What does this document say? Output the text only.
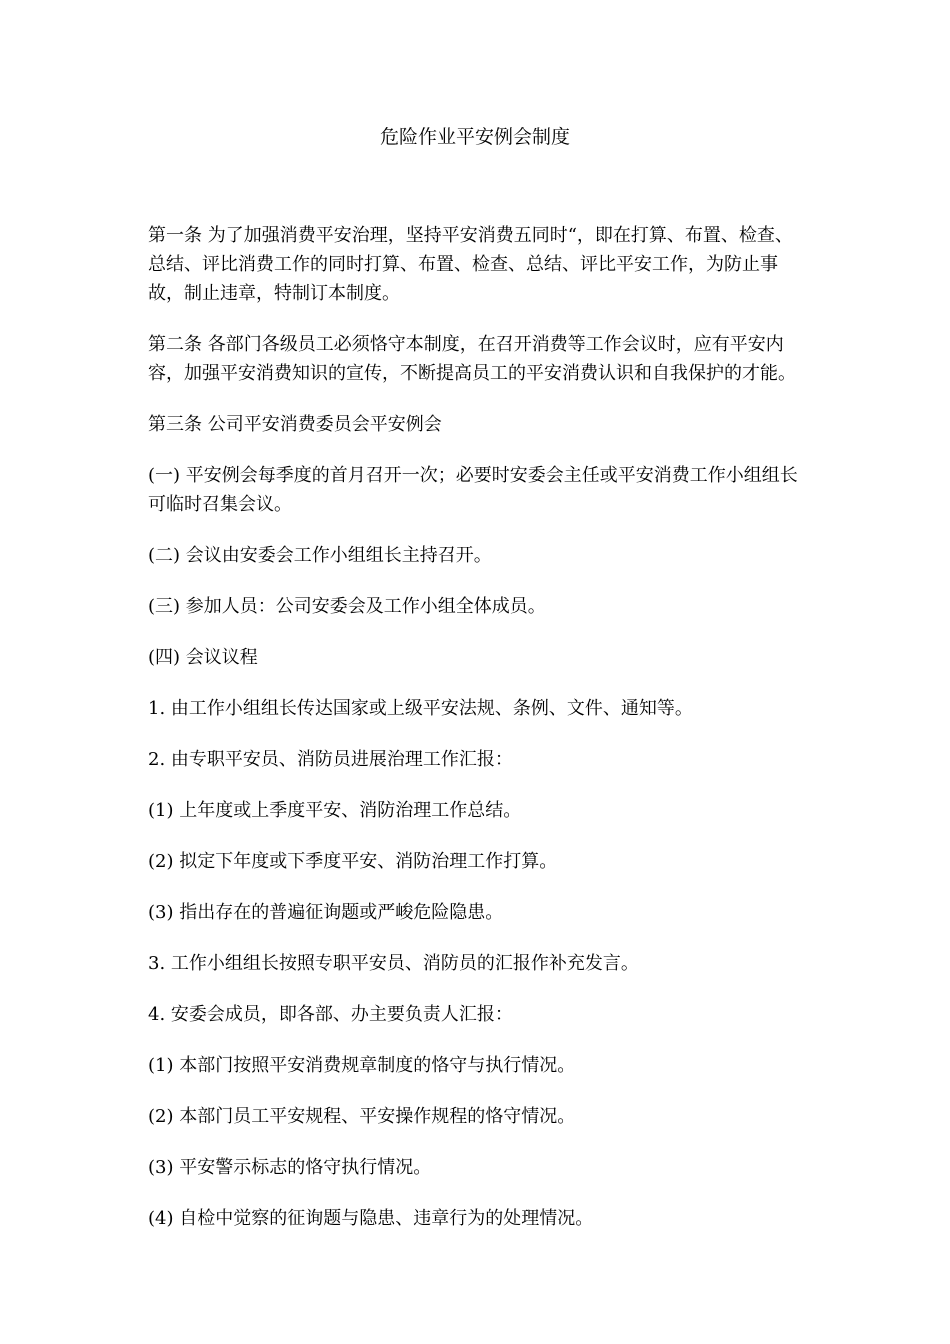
危险作业平安例会制度

第一条 为了加强消费平安治理，坚持平安消费五同时“，即在打算、布置、检查、总结、评比消费工作的同时打算、布置、检查、总结、评比平安工作，为防止事故，制止违章，特制订本制度。

第二条 各部门各级员工必须恪守本制度，在召开消费等工作会议时，应有平安内容，加强平安消费知识的宣传，不断提高员工的平安消费认识和自我保护的才能。

第三条 公司平安消费委员会平安例会

(一) 平安例会每季度的首月召开一次；必要时安委会主任或平安消费工作小组组长可临时召集会议。

(二) 会议由安委会工作小组组长主持召开。

(三) 参加人员：公司安委会及工作小组全体成员。

(四) 会议议程

1. 由工作小组组长传达国家或上级平安法规、条例、文件、通知等。

2. 由专职平安员、消防员进展治理工作汇报：

(1) 上年度或上季度平安、消防治理工作总结。

(2) 拟定下年度或下季度平安、消防治理工作打算。

(3) 指出存在的普遍征询题或严峻危险隐患。

3. 工作小组组长按照专职平安员、消防员的汇报作补充发言。

4. 安委会成员，即各部、办主要负责人汇报：

(1) 本部门按照平安消费规章制度的恪守与执行情况。

(2) 本部门员工平安规程、平安操作规程的恪守情况。

(3) 平安警示标志的恪守执行情况。

(4) 自检中觉察的征询题与隐患、违章行为的处理情况。
